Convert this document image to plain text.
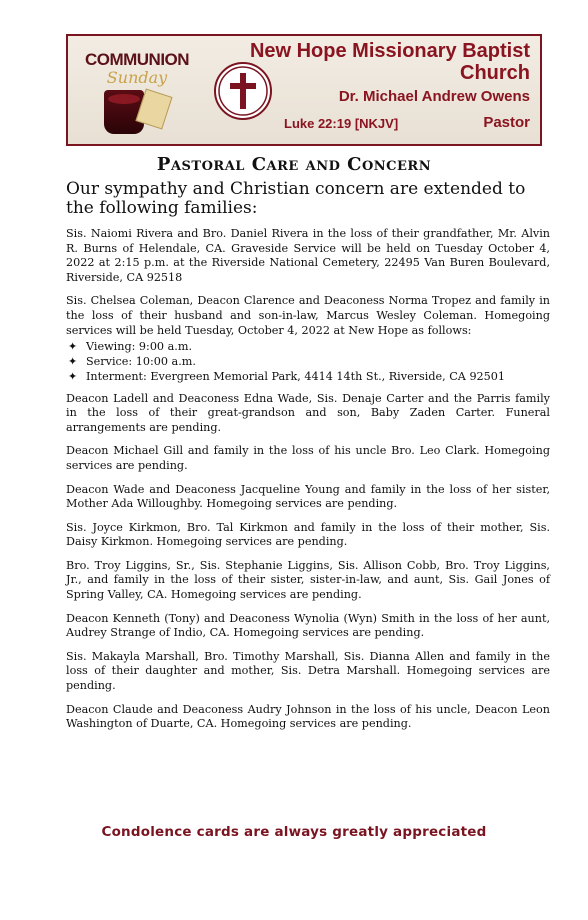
COMMUNION
Sunday
New Hope Missionary Baptist Church
Dr. Michael Andrew Owens
Luke 22:19 [NKJV]	Pastor
Pastoral Care and Concern
Our sympathy and Christian concern are extended to the following families:

Sis. Naiomi Rivera and Bro. Daniel Rivera in the loss of their grandfather, Mr. Alvin R. Burns of Helendale, CA. Graveside Service will be held on Tuesday October 4, 2022 at 2:15 p.m. at the Riverside National Cemetery, 22495 Van Buren Boulevard, Riverside, CA 92518

Sis. Chelsea Coleman, Deacon Clarence and Deaconess Norma Tropez and family in the loss of their husband and son-in-law, Marcus Wesley Coleman. Homegoing services will be held Tuesday, October 4, 2022 at New Hope as follows:

✦ Viewing: 9:00 a.m.
✦ Service: 10:00 a.m.
✦ Interment: Evergreen Memorial Park, 4414 14th St., Riverside, CA 92501

Deacon Ladell and Deaconess Edna Wade, Sis. Denaje Carter and the Parris family in the loss of their great-grandson and son, Baby Zaden Carter. Funeral arrangements are pending.

Deacon Michael Gill and family in the loss of his uncle Bro. Leo Clark. Homegoing services are pending.

Deacon Wade and Deaconess Jacqueline Young and family in the loss of her sister, Mother Ada Willoughby. Homegoing services are pending.

Sis. Joyce Kirkmon, Bro. Tal Kirkmon and family in the loss of their mother, Sis. Daisy Kirkmon. Homegoing services are pending.

Bro. Troy Liggins, Sr., Sis. Stephanie Liggins, Sis. Allison Cobb, Bro. Troy Liggins, Jr., and family in the loss of their sister, sister-in-law, and aunt, Sis. Gail Jones of Spring Valley, CA. Homegoing services are pending.

Deacon Kenneth (Tony) and Deaconess Wynolia (Wyn) Smith in the loss of her aunt, Audrey Strange of Indio, CA. Homegoing services are pending.

Sis. Makayla Marshall, Bro. Timothy Marshall, Sis. Dianna Allen and family in the loss of their daughter and mother, Sis. Detra Marshall. Homegoing services are pending.

Deacon Claude and Deaconess Audry Johnson in the loss of his uncle, Deacon Leon Washington of Duarte, CA. Homegoing services are pending.

Condolence cards are always greatly appreciated
